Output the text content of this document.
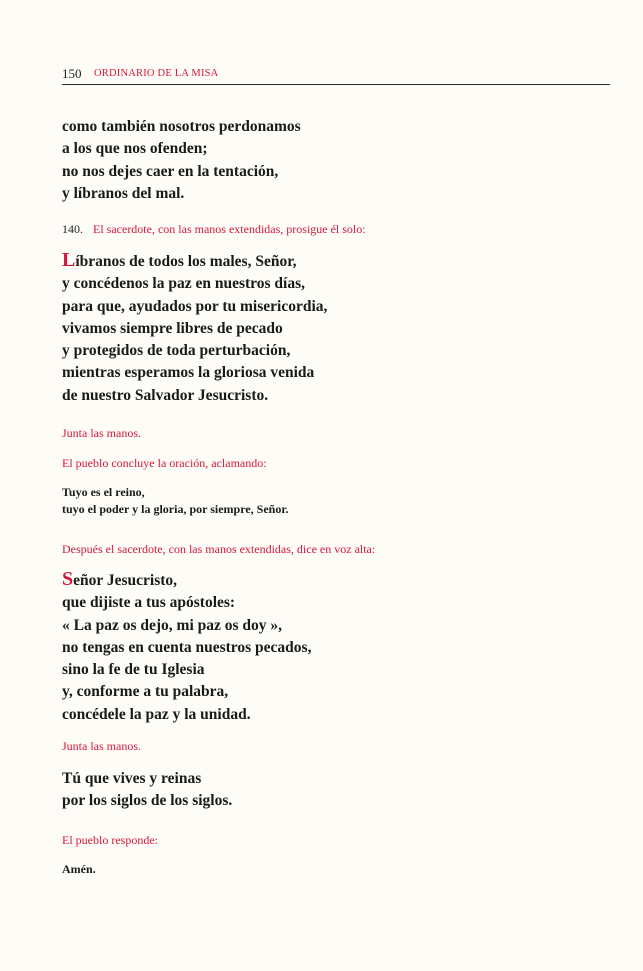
150 ORDINARIO DE LA MISA
como también nosotros perdonamos
a los que nos ofenden;
no nos dejes caer en la tentación,
y líbranos del mal.
140. El sacerdote, con las manos extendidas, prosigue él solo:
Líbranos de todos los males, Señor,
y concédenos la paz en nuestros días,
para que, ayudados por tu misericordia,
vivamos siempre libres de pecado
y protegidos de toda perturbación,
mientras esperamos la gloriosa venida
de nuestro Salvador Jesucristo.
Junta las manos.
El pueblo concluye la oración, aclamando:
Tuyo es el reino,
tuyo el poder y la gloria, por siempre, Señor.
Después el sacerdote, con las manos extendidas, dice en voz alta:
Señor Jesucristo,
que dijiste a tus apóstoles:
« La paz os dejo, mi paz os doy »,
no tengas en cuenta nuestros pecados,
sino la fe de tu Iglesia
y, conforme a tu palabra,
concédele la paz y la unidad.
Junta las manos.
Tú que vives y reinas
por los siglos de los siglos.
El pueblo responde:
Amén.
